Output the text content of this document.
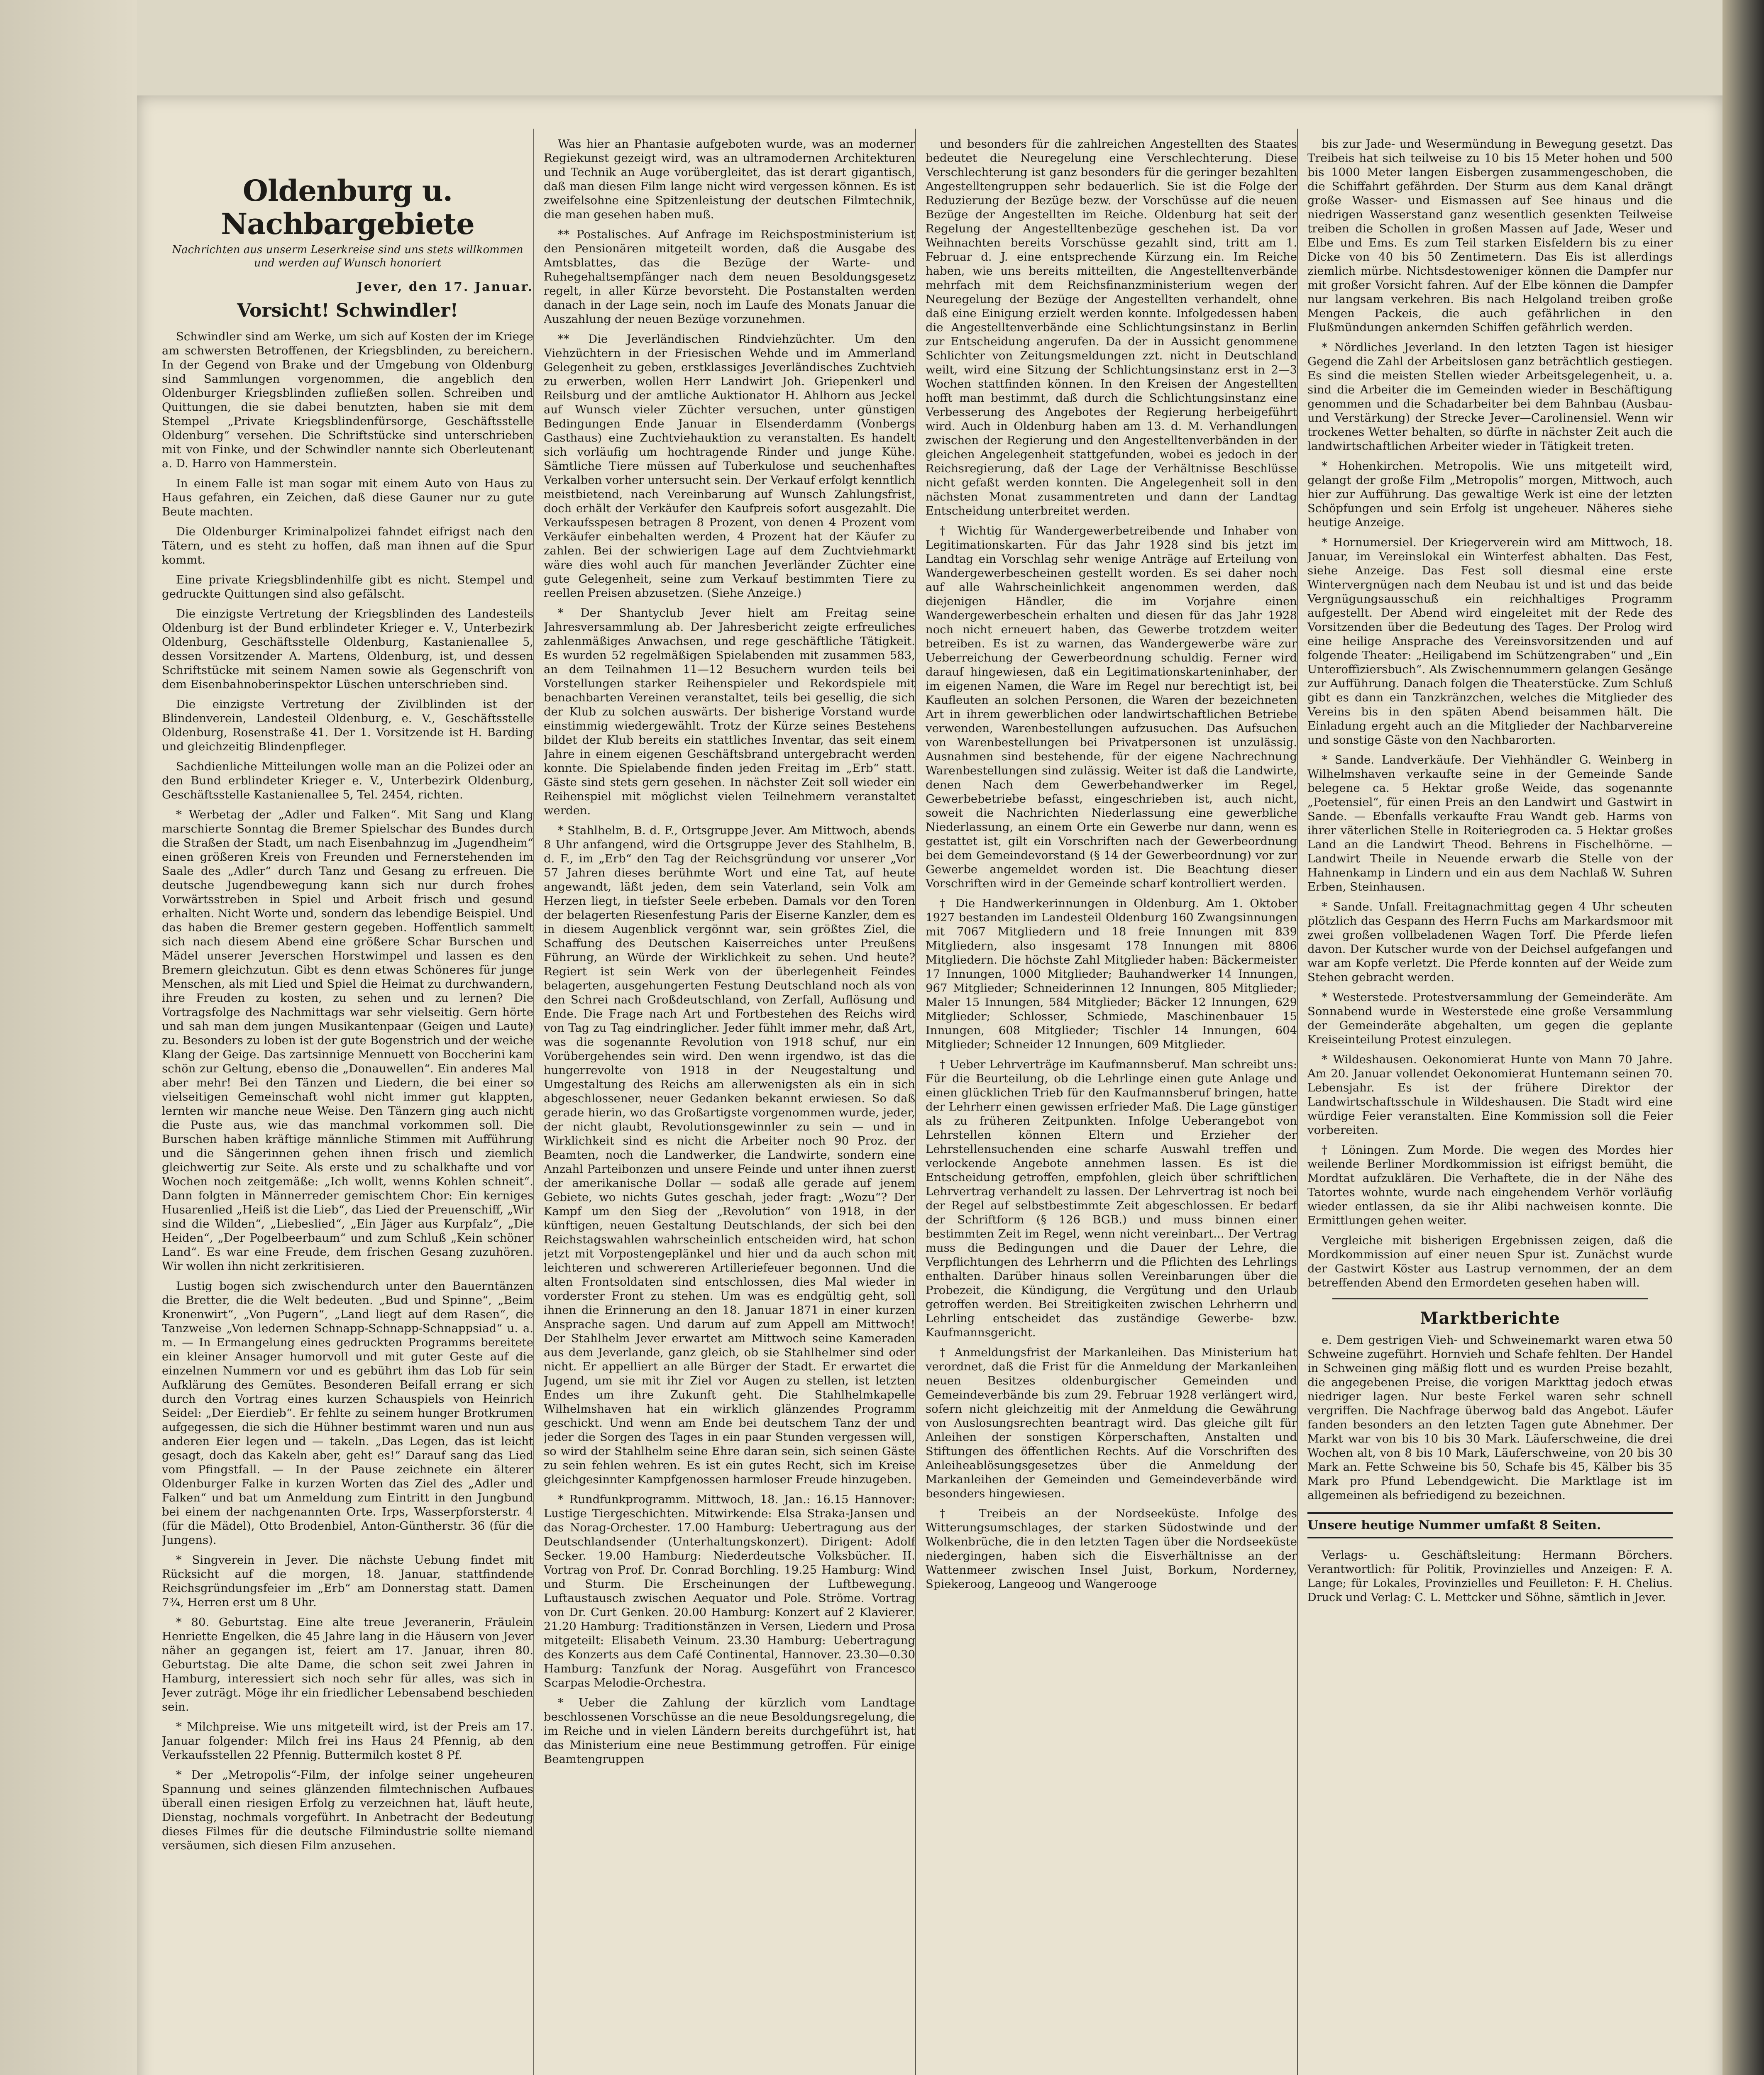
Oldenburg u. Nachbargebiete
Nachrichten aus unserm Leserkreise sind uns stets willkommen und werden auf Wunsch honoriert
Jever, den 17. Januar.
Vorsicht! Schwindler!

Schwindler sind am Werke, um sich auf Kosten der im Kriege am schwersten Betroffenen, der Kriegsblinden, zu bereichern. In der Gegend von Brake und der Umgebung von Oldenburg sind Sammlungen vorgenommen, die angeblich den Oldenburger Kriegsblinden zufließen sollen. Schreiben und Quittungen, die sie dabei benutzten, haben sie mit dem Stempel „Private Kriegsblindenfürsorge, Geschäftsstelle Oldenburg“ versehen. Die Schriftstücke sind unterschrieben mit von Finke, und der Schwindler nannte sich Oberleutenant a. D. Harro von Hammerstein.

In einem Falle ist man sogar mit einem Auto von Haus zu Haus gefahren, ein Zeichen, daß diese Gauner nur zu gute Beute machten.

Die Oldenburger Kriminalpolizei fahndet eifrigst nach den Tätern, und es steht zu hoffen, daß man ihnen auf die Spur kommt.

Eine private Kriegsblindenhilfe gibt es nicht. Stempel und gedruckte Quittungen sind also gefälscht.

Die einzigste Vertretung der Kriegsblinden des Landesteils Oldenburg ist der Bund erblindeter Krieger e. V., Unterbezirk Oldenburg, Geschäftsstelle Oldenburg, Kastanienallee 5, dessen Vorsitzender A. Martens, Oldenburg, ist, und dessen Schriftstücke mit seinem Namen sowie als Gegenschrift von dem Eisenbahnoberinspektor Lüschen unterschrieben sind.

Die einzigste Vertretung der Zivilblinden ist der Blindenverein, Landesteil Oldenburg, e. V., Geschäftsstelle Oldenburg, Rosenstraße 41. Der 1. Vorsitzende ist H. Barding und gleichzeitig Blindenpfleger.

Sachdienliche Mitteilungen wolle man an die Polizei oder an den Bund erblindeter Krieger e. V., Unterbezirk Oldenburg, Geschäftsstelle Kastanienallee 5, Tel. 2454, richten.

* Werbetag der „Adler und Falken“. Mit Sang und Klang marschierte Sonntag die Bremer Spielschar des Bundes durch die Straßen der Stadt, um nach Eisenbahnzug im „Jugendheim“ einen größeren Kreis von Freunden und Fernerstehenden im Saale des „Adler“ durch Tanz und Gesang zu erfreuen. Die deutsche Jugendbewegung kann sich nur durch frohes Vorwärtsstreben in Spiel und Arbeit frisch und gesund erhalten. Nicht Worte und, sondern das lebendige Beispiel. Und das haben die Bremer gestern gegeben. Hoffentlich sammelt sich nach diesem Abend eine größere Schar Burschen und Mädel unserer Jeverschen Horstwimpel und lassen es den Bremern gleichzutun. Gibt es denn etwas Schöneres für junge Menschen, als mit Lied und Spiel die Heimat zu durchwandern, ihre Freuden zu kosten, zu sehen und zu lernen? Die Vortragsfolge des Nachmittags war sehr vielseitig. Gern hörte und sah man dem jungen Musikantenpaar (Geigen und Laute) zu. Besonders zu loben ist der gute Bogenstrich und der weiche Klang der Geige. Das zartsinnige Mennuett von Boccherini kam schön zur Geltung, ebenso die „Donauwellen“. Ein anderes Mal aber mehr! Bei den Tänzen und Liedern, die bei einer so vielseitigen Gemeinschaft wohl nicht immer gut klappten, lernten wir manche neue Weise. Den Tänzern ging auch nicht die Puste aus, wie das manchmal vorkommen soll. Die Burschen haben kräftige männliche Stimmen mit Aufführung und die Sängerinnen gehen ihnen frisch und ziemlich gleichwertig zur Seite. Als erste und zu schalkhafte und vor Wochen noch zeitgemäße: „Ich wollt, wenns Kohlen schneit“. Dann folgten in Männerreder gemischtem Chor: Ein kerniges Husarenlied „Heiß ist die Lieb“, das Lied der Preuenschiff, „Wir sind die Wilden“, „Liebeslied“, „Ein Jäger aus Kurpfalz“, „Die Heiden“, „Der Pogelbeerbaum“ und zum Schluß „Kein schöner Land“. Es war eine Freude, dem frischen Gesang zuzuhören. Wir wollen ihn nicht zerkritisieren.

Lustig bogen sich zwischendurch unter den Bauerntänzen die Bretter, die die Welt bedeuten. „Bud und Spinne“, „Beim Kronenwirt“, „Von Pugern“, „Land liegt auf dem Rasen“, die Tanzweise „Von ledernen Schnapp-Schnapp-Schnappsiad“ u. a. m. — In Ermangelung eines gedruckten Programms bereitete ein kleiner Ansager humorvoll und mit guter Geste auf die einzelnen Nummern vor und es gebührt ihm das Lob für sein Aufklärung des Gemütes. Besonderen Beifall errang er sich durch den Vortrag eines kurzen Schauspiels von Heinrich Seidel: „Der Eierdieb“. Er fehlte zu seinem hunger Brotkrumen aufgegessen, die sich die Hühner bestimmt waren und nun aus anderen Eier legen und — takeln. „Das Legen, das ist leicht gesagt, doch das Kakeln aber, geht es!“ Darauf sang das Lied vom Pfingstfall. — In der Pause zeichnete ein älterer Oldenburger Falke in kurzen Worten das Ziel des „Adler und Falken“ und bat um Anmeldung zum Eintritt in den Jungbund bei einem der nachgenannten Orte. Irps, Wasserpforsterstr. 4 (für die Mädel), Otto Brodenbiel, Anton-Güntherstr. 36 (für die Jungens).

* Singverein in Jever. Die nächste Uebung findet mit Rücksicht auf die morgen, 18. Januar, stattfindende Reichsgründungsfeier im „Erb“ am Donnerstag statt. Damen 7¾, Herren erst um 8 Uhr.

* 80. Geburtstag. Eine alte treue Jeveranerin, Fräulein Henriette Engelken, die 45 Jahre lang in die Häusern von Jever näher an gegangen ist, feiert am 17. Januar, ihren 80. Geburtstag. Die alte Dame, die schon seit zwei Jahren in Hamburg, interessiert sich noch sehr für alles, was sich in Jever zuträgt. Möge ihr ein friedlicher Lebensabend beschieden sein.

* Milchpreise. Wie uns mitgeteilt wird, ist der Preis am 17. Januar folgender: Milch frei ins Haus 24 Pfennig, ab den Verkaufsstellen 22 Pfennig. Buttermilch kostet 8 Pf.

* Der „Metropolis“-Film, der infolge seiner ungeheuren Spannung und seines glänzenden filmtechnischen Aufbaues überall einen riesigen Erfolg zu verzeichnen hat, läuft heute, Dienstag, nochmals vorgeführt. In Anbetracht der Bedeutung dieses Filmes für die deutsche Filmindustrie sollte niemand versäumen, sich diesen Film anzusehen.

Was hier an Phantasie aufgeboten wurde, was an moderner Regiekunst gezeigt wird, was an ultramodernen Architekturen und Technik an Auge vorübergleitet, das ist derart gigantisch, daß man diesen Film lange nicht wird vergessen können. Es ist zweifelsohne eine Spitzenleistung der deutschen Filmtechnik, die man gesehen haben muß.

** Postalisches. Auf Anfrage im Reichspostministerium ist den Pensionären mitgeteilt worden, daß die Ausgabe des Amtsblattes, das die Bezüge der Warte- und Ruhegehaltsempfänger nach dem neuen Besoldungsgesetz regelt, in aller Kürze bevorsteht. Die Postanstalten werden danach in der Lage sein, noch im Laufe des Monats Januar die Auszahlung der neuen Bezüge vorzunehmen.

** Die Jeverländischen Rindviehzüchter. Um den Viehzüchtern in der Friesischen Wehde und im Ammerland Gelegenheit zu geben, erstklassiges Jeverländisches Zuchtvieh zu erwerben, wollen Herr Landwirt Joh. Griepenkerl und Reilsburg und der amtliche Auktionator H. Ahlhorn aus Jeckel auf Wunsch vieler Züchter versuchen, unter günstigen Bedingungen Ende Januar in Elsenderdamm (Vonbergs Gasthaus) eine Zuchtviehauktion zu veranstalten. Es handelt sich vorläufig um hochtragende Rinder und junge Kühe. Sämtliche Tiere müssen auf Tuberkulose und seuchenhaftes Verkalben vorher untersucht sein. Der Verkauf erfolgt kenntlich meistbietend, nach Vereinbarung auf Wunsch Zahlungsfrist, doch erhält der Verkäufer den Kaufpreis sofort ausgezahlt. Die Verkaufsspesen betragen 8 Prozent, von denen 4 Prozent vom Verkäufer einbehalten werden, 4 Prozent hat der Käufer zu zahlen. Bei der schwierigen Lage auf dem Zuchtviehmarkt wäre dies wohl auch für manchen Jeverländer Züchter eine gute Gelegenheit, seine zum Verkauf bestimmten Tiere zu reellen Preisen abzusetzen. (Siehe Anzeige.)

* Der Shantyclub Jever hielt am Freitag seine Jahresversammlung ab. Der Jahresbericht zeigte erfreuliches zahlenmäßiges Anwachsen, und rege geschäftliche Tätigkeit. Es wurden 52 regelmäßigen Spielabenden mit zusammen 583, an dem Teilnahmen 11—12 Besuchern wurden teils bei Vorstellungen starker Reihenspieler und Rekordspiele mit benachbarten Vereinen veranstaltet, teils bei gesellig, die sich der Klub zu solchen auswärts. Der bisherige Vorstand wurde einstimmig wiedergewählt. Trotz der Kürze seines Bestehens bildet der Klub bereits ein stattliches Inventar, das seit einem Jahre in einem eigenen Geschäftsbrand untergebracht werden konnte. Die Spielabende finden jeden Freitag im „Erb“ statt. Gäste sind stets gern gesehen. In nächster Zeit soll wieder ein Reihenspiel mit möglichst vielen Teilnehmern veranstaltet werden.

* Stahlhelm, B. d. F., Ortsgruppe Jever. Am Mittwoch, abends 8 Uhr anfangend, wird die Ortsgruppe Jever des Stahlhelm, B. d. F., im „Erb“ den Tag der Reichsgründung vor unserer „Vor 57 Jahren dieses berühmte Wort und eine Tat, auf heute angewandt, läßt jeden, dem sein Vaterland, sein Volk am Herzen liegt, in tiefster Seele erbeben. Damals vor den Toren der belagerten Riesenfestung Paris der Eiserne Kanzler, dem es in diesem Augenblick vergönnt war, sein größtes Ziel, die Schaffung des Deutschen Kaiserreiches unter Preußens Führung, an Würde der Wirklichkeit zu sehen. Und heute? Regiert ist sein Werk von der überlegenheit Feindes belagerten, ausgehungerten Festung Deutschland noch als von den Schrei nach Großdeutschland, von Zerfall, Auflösung und Ende. Die Frage nach Art und Fortbestehen des Reichs wird von Tag zu Tag eindringlicher. Jeder fühlt immer mehr, daß Art, was die sogenannte Revolution von 1918 schuf, nur ein Vorübergehendes sein wird. Den wenn irgendwo, ist das die hungerrevolte von 1918 in der Neugestaltung und Umgestaltung des Reichs am allerwenigsten als ein in sich abgeschlossener, neuer Gedanken bekannt erwiesen. So daß gerade hierin, wo das Großartigste vorgenommen wurde, jeder, der nicht glaubt, Revolutionsgewinnler zu sein — und in Wirklichkeit sind es nicht die Arbeiter noch 90 Proz. der Beamten, noch die Landwerker, die Landwirte, sondern eine Anzahl Parteibonzen und unsere Feinde und unter ihnen zuerst der amerikanische Dollar — sodaß alle gerade auf jenem Gebiete, wo nichts Gutes geschah, jeder fragt: „Wozu“? Der Kampf um den Sieg der „Revolution“ von 1918, in der künftigen, neuen Gestaltung Deutschlands, der sich bei den Reichstagswahlen wahrscheinlich entscheiden wird, hat schon jetzt mit Vorpostengeplänkel und hier und da auch schon mit leichteren und schwereren Artilleriefeuer begonnen. Und die alten Frontsoldaten sind entschlossen, dies Mal wieder in vorderster Front zu stehen. Um was es endgültig geht, soll ihnen die Erinnerung an den 18. Januar 1871 in einer kurzen Ansprache sagen. Und darum auf zum Appell am Mittwoch! Der Stahlhelm Jever erwartet am Mittwoch seine Kameraden aus dem Jeverlande, ganz gleich, ob sie Stahlhelmer sind oder nicht. Er appelliert an alle Bürger der Stadt. Er erwartet die Jugend, um sie mit ihr Ziel vor Augen zu stellen, ist letzten Endes um ihre Zukunft geht. Die Stahlhelmkapelle Wilhelmshaven hat ein wirklich glänzendes Programm geschickt. Und wenn am Ende bei deutschem Tanz der und jeder die Sorgen des Tages in ein paar Stunden vergessen will, so wird der Stahlhelm seine Ehre daran sein, sich seinen Gäste zu sein fehlen wehren. Es ist ein gutes Recht, sich im Kreise gleichgesinnter Kampfgenossen harmloser Freude hinzugeben.

* Rundfunkprogramm. Mittwoch, 18. Jan.: 16.15 Hannover: Lustige Tiergeschichten. Mitwirkende: Elsa Straka-Jansen und das Norag-Orchester. 17.00 Hamburg: Uebertragung aus der Deutschlandsender (Unterhaltungskonzert). Dirigent: Adolf Secker. 19.00 Hamburg: Niederdeutsche Volksbücher. II. Vortrag von Prof. Dr. Conrad Borchling. 19.25 Hamburg: Wind und Sturm. Die Erscheinungen der Luftbewegung. Luftaustausch zwischen Aequator und Pole. Ströme. Vortrag von Dr. Curt Genken. 20.00 Hamburg: Konzert auf 2 Klavierer. 21.20 Hamburg: Traditionstänzen in Versen, Liedern und Prosa mitgeteilt: Elisabeth Veinum. 23.30 Hamburg: Uebertragung des Konzerts aus dem Café Continental, Hannover. 23.30—0.30 Hamburg: Tanzfunk der Norag. Ausgeführt von Francesco Scarpas Melodie-Orchestra.

* Ueber die Zahlung der kürzlich vom Landtage beschlossenen Vorschüsse an die neue Besoldungsregelung, die im Reiche und in vielen Ländern bereits durchgeführt ist, hat das Ministerium eine neue Bestimmung getroffen. Für einige Beamtengruppen

und besonders für die zahlreichen Angestellten des Staates bedeutet die Neuregelung eine Verschlechterung. Diese Verschlechterung ist ganz besonders für die geringer bezahlten Angestelltengruppen sehr bedauerlich. Sie ist die Folge der Reduzierung der Bezüge bezw. der Vorschüsse auf die neuen Bezüge der Angestellten im Reiche. Oldenburg hat seit der Regelung der Angestelltenbezüge geschehen ist. Da vor Weihnachten bereits Vorschüsse gezahlt sind, tritt am 1. Februar d. J. eine entsprechende Kürzung ein. Im Reiche haben, wie uns bereits mitteilten, die Angestelltenverbände mehrfach mit dem Reichsfinanzministerium wegen der Neuregelung der Bezüge der Angestellten verhandelt, ohne daß eine Einigung erzielt werden konnte. Infolgedessen haben die Angestelltenverbände eine Schlichtungsinstanz in Berlin zur Entscheidung angerufen. Da der in Aussicht genommene Schlichter von Zeitungsmeldungen zzt. nicht in Deutschland weilt, wird eine Sitzung der Schlichtungsinstanz erst in 2—3 Wochen stattfinden können. In den Kreisen der Angestellten hofft man bestimmt, daß durch die Schlichtungsinstanz eine Verbesserung des Angebotes der Regierung herbeigeführt wird. Auch in Oldenburg haben am 13. d. M. Verhandlungen zwischen der Regierung und den Angestelltenverbänden in der gleichen Angelegenheit stattgefunden, wobei es jedoch in der Reichsregierung, daß der Lage der Verhältnisse Beschlüsse nicht gefaßt werden konnten. Die Angelegenheit soll in den nächsten Monat zusammentreten und dann der Landtag Entscheidung unterbreitet werden.

† Wichtig für Wandergewerbetreibende und Inhaber von Legitimationskarten. Für das Jahr 1928 sind bis jetzt im Landtag ein Vorschlag sehr wenige Anträge auf Erteilung von Wandergewerbescheinen gestellt worden. Es sei daher noch auf alle Wahrscheinlichkeit angenommen werden, daß diejenigen Händler, die im Vorjahre einen Wandergewerbeschein erhalten und diesen für das Jahr 1928 noch nicht erneuert haben, das Gewerbe trotzdem weiter betreiben. Es ist zu warnen, das Wandergewerbe wäre zur Ueberreichung der Gewerbeordnung schuldig. Ferner wird darauf hingewiesen, daß ein Legitimationskarteninhaber, der im eigenen Namen, die Ware im Regel nur berechtigt ist, bei Kaufleuten an solchen Personen, die Waren der bezeichneten Art in ihrem gewerblichen oder landwirtschaftlichen Betriebe verwenden, Warenbestellungen aufzusuchen. Das Aufsuchen von Warenbestellungen bei Privatpersonen ist unzulässig. Ausnahmen sind bestehende, für der eigene Nachrechnung Warenbestellungen sind zulässig. Weiter ist daß die Landwirte, denen Nach dem Gewerbehandwerker im Regel, Gewerbebetriebe befasst, eingeschrieben ist, auch nicht, soweit die Nachrichten Niederlassung eine gewerbliche Niederlassung, an einem Orte ein Gewerbe nur dann, wenn es gestattet ist, gilt ein Vorschriften nach der Gewerbeordnung bei dem Gemeindevorstand (§ 14 der Gewerbeordnung) vor zur Gewerbe angemeldet worden ist. Die Beachtung dieser Vorschriften wird in der Gemeinde scharf kontrolliert werden.

† Die Handwerkerinnungen in Oldenburg. Am 1. Oktober 1927 bestanden im Landesteil Oldenburg 160 Zwangsinnungen mit 7067 Mitgliedern und 18 freie Innungen mit 839 Mitgliedern, also insgesamt 178 Innungen mit 8806 Mitgliedern. Die höchste Zahl Mitglieder haben: Bäckermeister 17 Innungen, 1000 Mitglieder; Bauhandwerker 14 Innungen, 967 Mitglieder; Schneiderinnen 12 Innungen, 805 Mitglieder; Maler 15 Innungen, 584 Mitglieder; Bäcker 12 Innungen, 629 Mitglieder; Schlosser, Schmiede, Maschinenbauer 15 Innungen, 608 Mitglieder; Tischler 14 Innungen, 604 Mitglieder; Schneider 12 Innungen, 609 Mitglieder.

† Ueber Lehrverträge im Kaufmannsberuf. Man schreibt uns: Für die Beurteilung, ob die Lehrlinge einen gute Anlage und einen glücklichen Trieb für den Kaufmannsberuf bringen, hatte der Lehrherr einen gewissen erfrieder Maß. Die Lage günstiger als zu früheren Zeitpunkten. Infolge Ueberangebot von Lehrstellen können Eltern und Erzieher der Lehrstellensuchenden eine scharfe Auswahl treffen und verlockende Angebote annehmen lassen. Es ist die Entscheidung getroffen, empfohlen, gleich über schriftlichen Lehrvertrag verhandelt zu lassen. Der Lehrvertrag ist noch bei der Regel auf selbstbestimmte Zeit abgeschlossen. Er bedarf der Schriftform (§ 126 BGB.) und muss binnen einer bestimmten Zeit im Regel, wenn nicht vereinbart... Der Vertrag muss die Bedingungen und die Dauer der Lehre, die Verpflichtungen des Lehrherrn und die Pflichten des Lehrlings enthalten. Darüber hinaus sollen Vereinbarungen über die Probezeit, die Kündigung, die Vergütung und den Urlaub getroffen werden. Bei Streitigkeiten zwischen Lehrherrn und Lehrling entscheidet das zuständige Gewerbe- bzw. Kaufmannsgericht.

† Anmeldungsfrist der Markanleihen. Das Ministerium hat verordnet, daß die Frist für die Anmeldung der Markanleihen neuen Besitzes oldenburgischer Gemeinden und Gemeindeverbände bis zum 29. Februar 1928 verlängert wird, sofern nicht gleichzeitig mit der Anmeldung die Gewährung von Auslosungsrechten beantragt wird. Das gleiche gilt für Anleihen der sonstigen Körperschaften, Anstalten und Stiftungen des öffentlichen Rechts. Auf die Vorschriften des Anleiheablösungsgesetzes über die Anmeldung der Markanleihen der Gemeinden und Gemeindeverbände wird besonders hingewiesen.

† Treibeis an der Nordseeküste. Infolge des Witterungsumschlages, der starken Südostwinde und der Wolkenbrüche, die in den letzten Tagen über die Nordseeküste niedergingen, haben sich die Eisverhältnisse an der Wattenmeer zwischen Insel Juist, Borkum, Norderney, Spiekeroog, Langeoog und Wangerooge

bis zur Jade- und Wesermündung in Bewegung gesetzt. Das Treibeis hat sich teilweise zu 10 bis 15 Meter hohen und 500 bis 1000 Meter langen Eisbergen zusammengeschoben, die die Schiffahrt gefährden. Der Sturm aus dem Kanal drängt große Wasser- und Eismassen auf See hinaus und die niedrigen Wasserstand ganz wesentlich gesenkten Teilweise treiben die Schollen in großen Massen auf Jade, Weser und Elbe und Ems. Es zum Teil starken Eisfeldern bis zu einer Dicke von 40 bis 50 Zentimetern. Das Eis ist allerdings ziemlich mürbe. Nichtsdestoweniger können die Dampfer nur mit großer Vorsicht fahren. Auf der Elbe können die Dampfer nur langsam verkehren. Bis nach Helgoland treiben große Mengen Packeis, die auch gefährlichen in den Flußmündungen ankernden Schiffen gefährlich werden.

* Nördliches Jeverland. In den letzten Tagen ist hiesiger Gegend die Zahl der Arbeitslosen ganz beträchtlich gestiegen. Es sind die meisten Stellen wieder Arbeitsgelegenheit, u. a. sind die Arbeiter die im Gemeinden wieder in Beschäftigung genommen und die Schadarbeiter bei dem Bahnbau (Ausbau- und Verstärkung) der Strecke Jever—Carolinensiel. Wenn wir trockenes Wetter behalten, so dürfte in nächster Zeit auch die landwirtschaftlichen Arbeiter wieder in Tätigkeit treten.

* Hohenkirchen. Metropolis. Wie uns mitgeteilt wird, gelangt der große Film „Metropolis“ morgen, Mittwoch, auch hier zur Aufführung. Das gewaltige Werk ist eine der letzten Schöpfungen und sein Erfolg ist ungeheuer. Näheres siehe heutige Anzeige.

* Hornumersiel. Der Kriegerverein wird am Mittwoch, 18. Januar, im Vereinslokal ein Winterfest abhalten. Das Fest, siehe Anzeige. Das Fest soll diesmal eine erste Wintervergnügen nach dem Neubau ist und ist und das beide Vergnügungsausschuß ein reichhaltiges Programm aufgestellt. Der Abend wird eingeleitet mit der Rede des Vorsitzenden über die Bedeutung des Tages. Der Prolog wird eine heilige Ansprache des Vereinsvorsitzenden und auf folgende Theater: „Heiligabend im Schützengraben“ und „Ein Unteroffiziersbuch“. Als Zwischennummern gelangen Gesänge zur Aufführung. Danach folgen die Theaterstücke. Zum Schluß gibt es dann ein Tanzkränzchen, welches die Mitglieder des Vereins bis in den späten Abend beisammen hält. Die Einladung ergeht auch an die Mitglieder der Nachbarvereine und sonstige Gäste von den Nachbarorten.

* Sande. Landverkäufe. Der Viehhändler G. Weinberg in Wilhelmshaven verkaufte seine in der Gemeinde Sande belegene ca. 5 Hektar große Weide, das sogenannte „Poetensiel“, für einen Preis an den Landwirt und Gastwirt in Sande. — Ebenfalls verkaufte Frau Wandt geb. Harms von ihrer väterlichen Stelle in Roiteriegroden ca. 5 Hektar großes Land an die Landwirt Theod. Behrens in Fischelhörne. — Landwirt Theile in Neuende erwarb die Stelle von der Hahnenkamp in Lindern und ein aus dem Nachlaß W. Suhren Erben, Steinhausen.

* Sande. Unfall. Freitagnachmittag gegen 4 Uhr scheuten plötzlich das Gespann des Herrn Fuchs am Markardsmoor mit zwei großen vollbeladenen Wagen Torf. Die Pferde liefen davon. Der Kutscher wurde von der Deichsel aufgefangen und war am Kopfe verletzt. Die Pferde konnten auf der Weide zum Stehen gebracht werden.

* Westerstede. Protestversammlung der Gemeinderäte. Am Sonnabend wurde in Westerstede eine große Versammlung der Gemeinderäte abgehalten, um gegen die geplante Kreiseinteilung Protest einzulegen.

* Wildeshausen. Oekonomierat Hunte von Mann 70 Jahre. Am 20. Januar vollendet Oekonomierat Huntemann seinen 70. Lebensjahr. Es ist der frühere Direktor der Landwirtschaftsschule in Wildeshausen. Die Stadt wird eine würdige Feier veranstalten. Eine Kommission soll die Feier vorbereiten.

† Löningen. Zum Morde. Die wegen des Mordes hier weilende Berliner Mordkommission ist eifrigst bemüht, die Mordtat aufzuklären. Die Verhaftete, die in der Nähe des Tatortes wohnte, wurde nach eingehendem Verhör vorläufig wieder entlassen, da sie ihr Alibi nachweisen konnte. Die Ermittlungen gehen weiter.

Vergleiche mit bisherigen Ergebnissen zeigen, daß die Mordkommission auf einer neuen Spur ist. Zunächst wurde der Gastwirt Köster aus Lastrup vernommen, der an dem betreffenden Abend den Ermordeten gesehen haben will.

Marktberichte

e. Dem gestrigen Vieh- und Schweinemarkt waren etwa 50 Schweine zugeführt. Hornvieh und Schafe fehlten. Der Handel in Schweinen ging mäßig flott und es wurden Preise bezahlt, die angegebenen Preise, die vorigen Markttag jedoch etwas niedriger lagen. Nur beste Ferkel waren sehr schnell vergriffen. Die Nachfrage überwog bald das Angebot. Läufer fanden besonders an den letzten Tagen gute Abnehmer. Der Markt war von bis 10 bis 30 Mark. Läuferschweine, die drei Wochen alt, von 8 bis 10 Mark, Läuferschweine, von 20 bis 30 Mark an. Fette Schweine bis 50, Schafe bis 45, Kälber bis 35 Mark pro Pfund Lebendgewicht. Die Marktlage ist im allgemeinen als befriedigend zu bezeichnen.

Unsere heutige Nummer umfaßt 8 Seiten.

Verlags- u. Geschäftsleitung: Hermann Börchers. Verantwortlich: für Politik, Provinzielles und Anzeigen: F. A. Lange; für Lokales, Provinzielles und Feuilleton: F. H. Chelius. Druck und Verlag: C. L. Mettcker und Söhne, sämtlich in Jever.
